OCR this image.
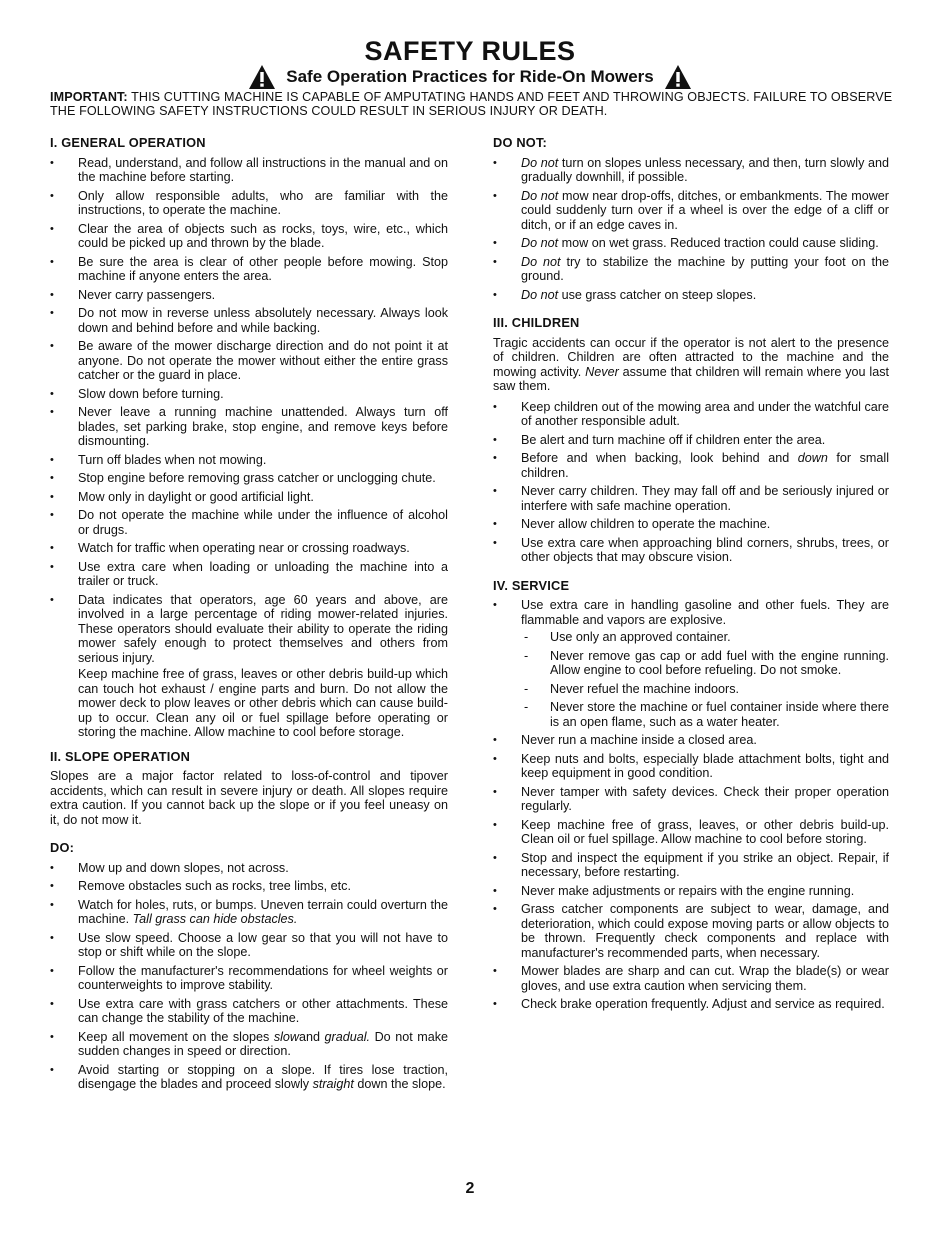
SAFETY RULES
Safe Operation Practices for Ride-On Mowers
IMPORTANT: THIS CUTTING MACHINE IS CAPABLE OF AMPUTATING HANDS AND FEET AND THROWING OBJECTS. FAILURE TO OBSERVE THE FOLLOWING SAFETY INSTRUCTIONS COULD RESULT IN SERIOUS INJURY OR DEATH.
I. GENERAL OPERATION
• Read, understand, and follow all instructions in the manual and on the machine before starting.
• Only allow responsible adults, who are familiar with the instructions, to operate the machine.
• Clear the area of objects such as rocks, toys, wire, etc., which could be picked up and thrown by the blade.
• Be sure the area is clear of other people before mowing. Stop machine if anyone enters the area.
• Never carry passengers.
• Do not mow in reverse unless absolutely necessary. Always look down and behind before and while backing.
• Be aware of the mower discharge direction and do not point it at anyone. Do not operate the mower without either the entire grass catcher or the guard in place.
• Slow down before turning.
• Never leave a running machine unattended. Always turn off blades, set parking brake, stop engine, and remove keys before dismounting.
• Turn off blades when not mowing.
• Stop engine before removing grass catcher or unclogging chute.
• Mow only in daylight or good artificial light.
• Do not operate the machine while under the influence of alcohol or drugs.
• Watch for traffic when operating near or crossing roadways.
• Use extra care when loading or unloading the machine into a trailer or truck.
• Data indicates that operators, age 60 years and above, are involved in a large percentage of riding mower-related injuries. These operators should evaluate their ability to operate the riding mower safely enough to protect themselves and others from serious injury.

Keep machine free of grass, leaves or other debris build-up which can touch hot exhaust / engine parts and burn. Do not allow the mower deck to plow leaves or other debris which can cause build-up to occur. Clean any oil or fuel spillage before operating or storing the machine. Allow machine to cool before storage.

II. SLOPE OPERATION

Slopes are a major factor related to loss-of-control and tipover accidents, which can result in severe injury or death. All slopes require extra caution. If you cannot back up the slope or if you feel uneasy on it, do not mow it.

DO:
• Mow up and down slopes, not across.
• Remove obstacles such as rocks, tree limbs, etc.
• Watch for holes, ruts, or bumps. Uneven terrain could overturn the machine. Tall grass can hide obstacles.
• Use slow speed. Choose a low gear so that you will not have to stop or shift while on the slope.
• Follow the manufacturer's recommendations for wheel weights or counterweights to improve stability.
• Use extra care with grass catchers or other attachments. These can change the stability of the machine.
• Keep all movement on the slopes slowand gradual. Do not make sudden changes in speed or direction.
• Avoid starting or stopping on a slope. If tires lose traction, disengage the blades and proceed slowly straight down the slope.
DO NOT:
• Do not turn on slopes unless necessary, and then, turn slowly and gradually downhill, if possible.
• Do not mow near drop-offs, ditches, or embankments. The mower could suddenly turn over if a wheel is over the edge of a cliff or ditch, or if an edge caves in.
• Do not mow on wet grass. Reduced traction could cause sliding.
• Do not try to stabilize the machine by putting your foot on the ground.
• Do not use grass catcher on steep slopes.
III. CHILDREN

Tragic accidents can occur if the operator is not alert to the presence of children. Children are often attracted to the machine and the mowing activity. Never assume that children will remain where you last saw them.

• Keep children out of the mowing area and under the watchful care of another responsible adult.
• Be alert and turn machine off if children enter the area.
• Before and when backing, look behind and down for small children.
• Never carry children. They may fall off and be seriously injured or interfere with safe machine operation.
• Never allow children to operate the machine.
• Use extra care when approaching blind corners, shrubs, trees, or other objects that may obscure vision.
IV. SERVICE
• Use extra care in handling gasoline and other fuels. They are flammable and vapors are explosive.
- Use only an approved container.
- Never remove gas cap or add fuel with the engine running. Allow engine to cool before refueling. Do not smoke.
- Never refuel the machine indoors.
- Never store the machine or fuel container inside where there is an open flame, such as a water heater.
• Never run a machine inside a closed area.
• Keep nuts and bolts, especially blade attachment bolts, tight and keep equipment in good condition.
• Never tamper with safety devices. Check their proper operation regularly.
• Keep machine free of grass, leaves, or other debris build-up. Clean oil or fuel spillage. Allow machine to cool before storing.
• Stop and inspect the equipment if you strike an object. Repair, if necessary, before restarting.
• Never make adjustments or repairs with the engine running.
• Grass catcher components are subject to wear, damage, and deterioration, which could expose moving parts or allow objects to be thrown. Frequently check components and replace with manufacturer's recommended parts, when necessary.
• Mower blades are sharp and can cut. Wrap the blade(s) or wear gloves, and use extra caution when servicing them.
• Check brake operation frequently. Adjust and service as required.
2
